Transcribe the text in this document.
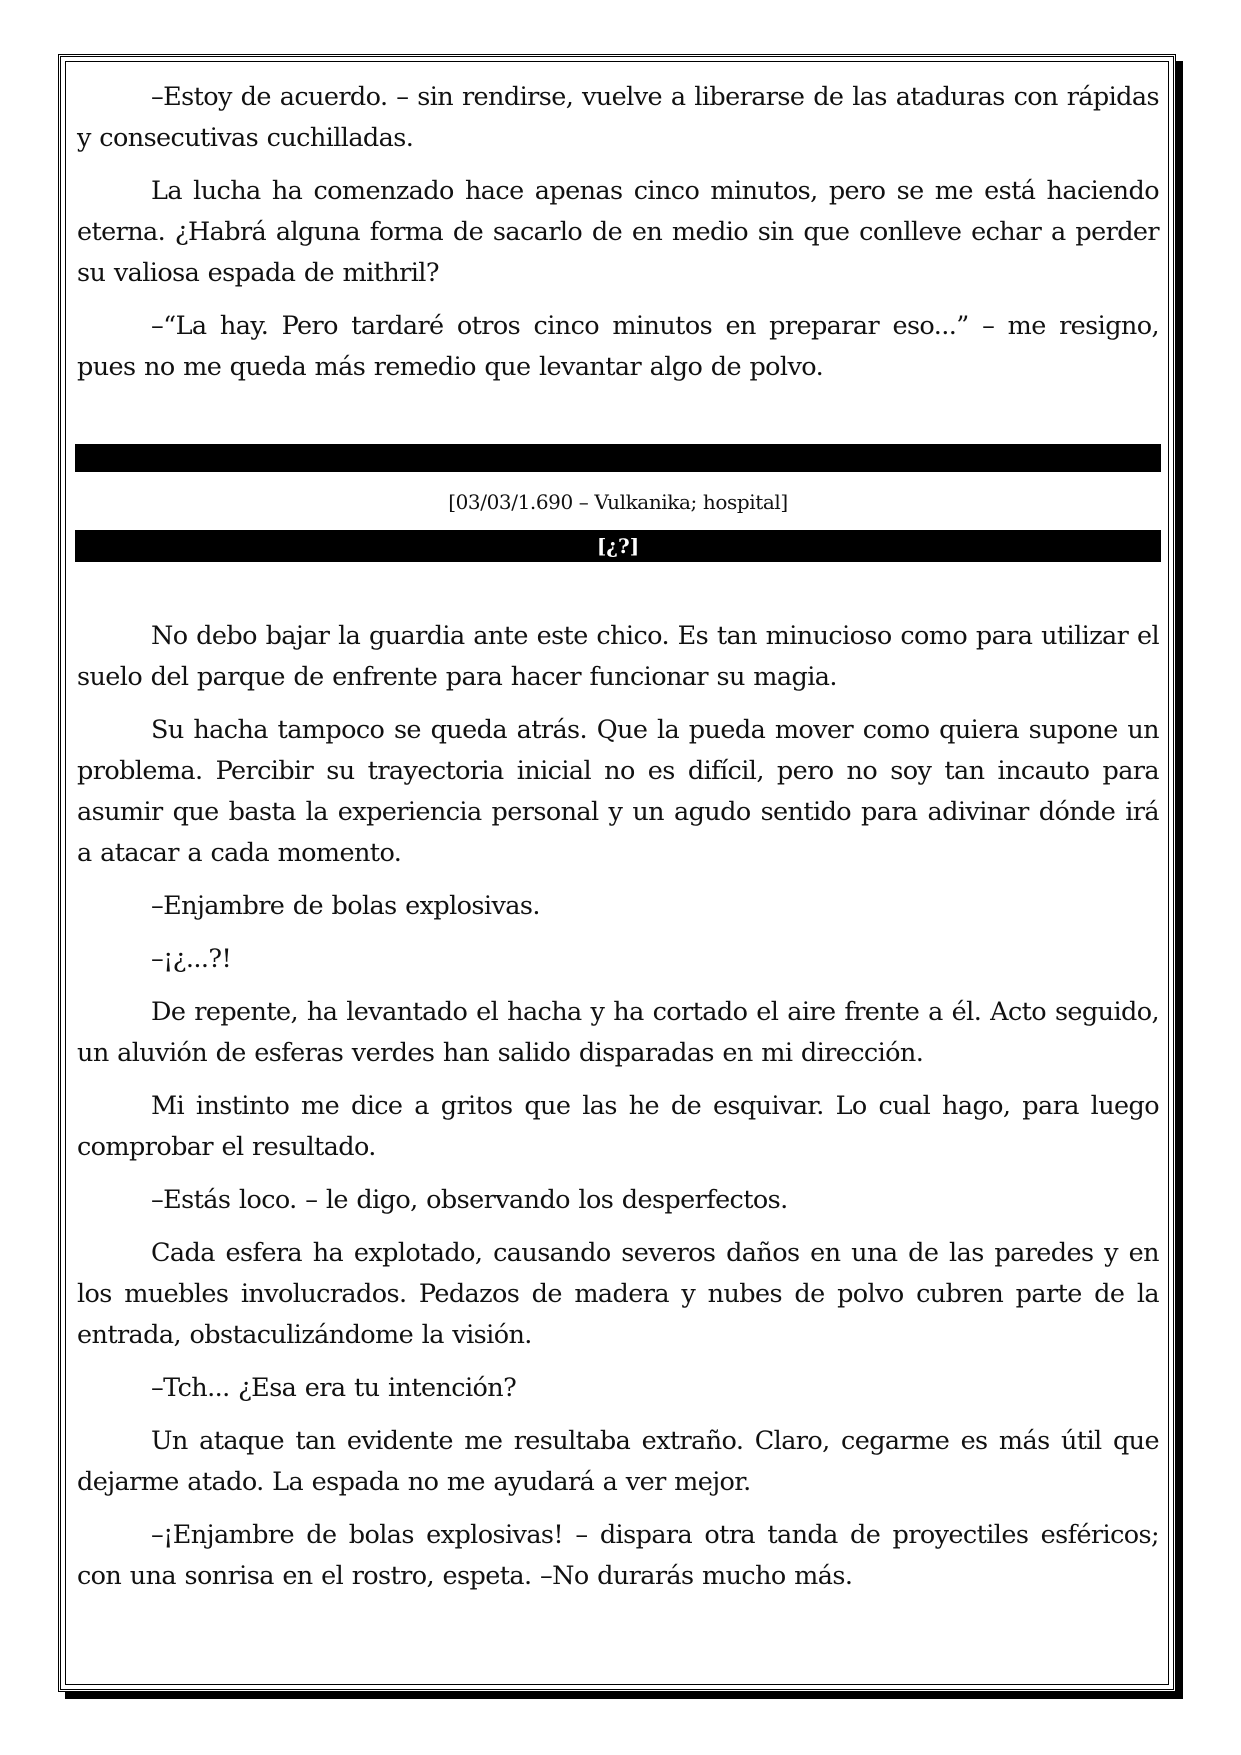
–Estoy de acuerdo. – sin rendirse, vuelve a liberarse de las ataduras con rápidas y consecutivas cuchilladas.

La lucha ha comenzado hace apenas cinco minutos, pero se me está haciendo eterna. ¿Habrá alguna forma de sacarlo de en medio sin que conlleve echar a perder su valiosa espada de mithril?

–“La hay. Pero tardaré otros cinco minutos en preparar eso...” – me resigno, pues no me queda más remedio que levantar algo de polvo.

[03/03/1.690 – Vulkanika; hospital]
[¿?]

No debo bajar la guardia ante este chico. Es tan minucioso como para utilizar el suelo del parque de enfrente para hacer funcionar su magia.

Su hacha tampoco se queda atrás. Que la pueda mover como quiera supone un problema. Percibir su trayectoria inicial no es difícil, pero no soy tan incauto para asumir que basta la experiencia personal y un agudo sentido para adivinar dónde irá a atacar a cada momento.

–Enjambre de bolas explosivas.

–¡¿...?!

De repente, ha levantado el hacha y ha cortado el aire frente a él. Acto seguido, un aluvión de esferas verdes han salido disparadas en mi dirección.

Mi instinto me dice a gritos que las he de esquivar. Lo cual hago, para luego comprobar el resultado.

–Estás loco. – le digo, observando los desperfectos.

Cada esfera ha explotado, causando severos daños en una de las paredes y en los muebles involucrados. Pedazos de madera y nubes de polvo cubren parte de la entrada, obstaculizándome la visión.

–Tch... ¿Esa era tu intención?

Un ataque tan evidente me resultaba extraño. Claro, cegarme es más útil que dejarme atado. La espada no me ayudará a ver mejor.

–¡Enjambre de bolas explosivas! – dispara otra tanda de proyectiles esféricos; con una sonrisa en el rostro, espeta. –No durarás mucho más.
